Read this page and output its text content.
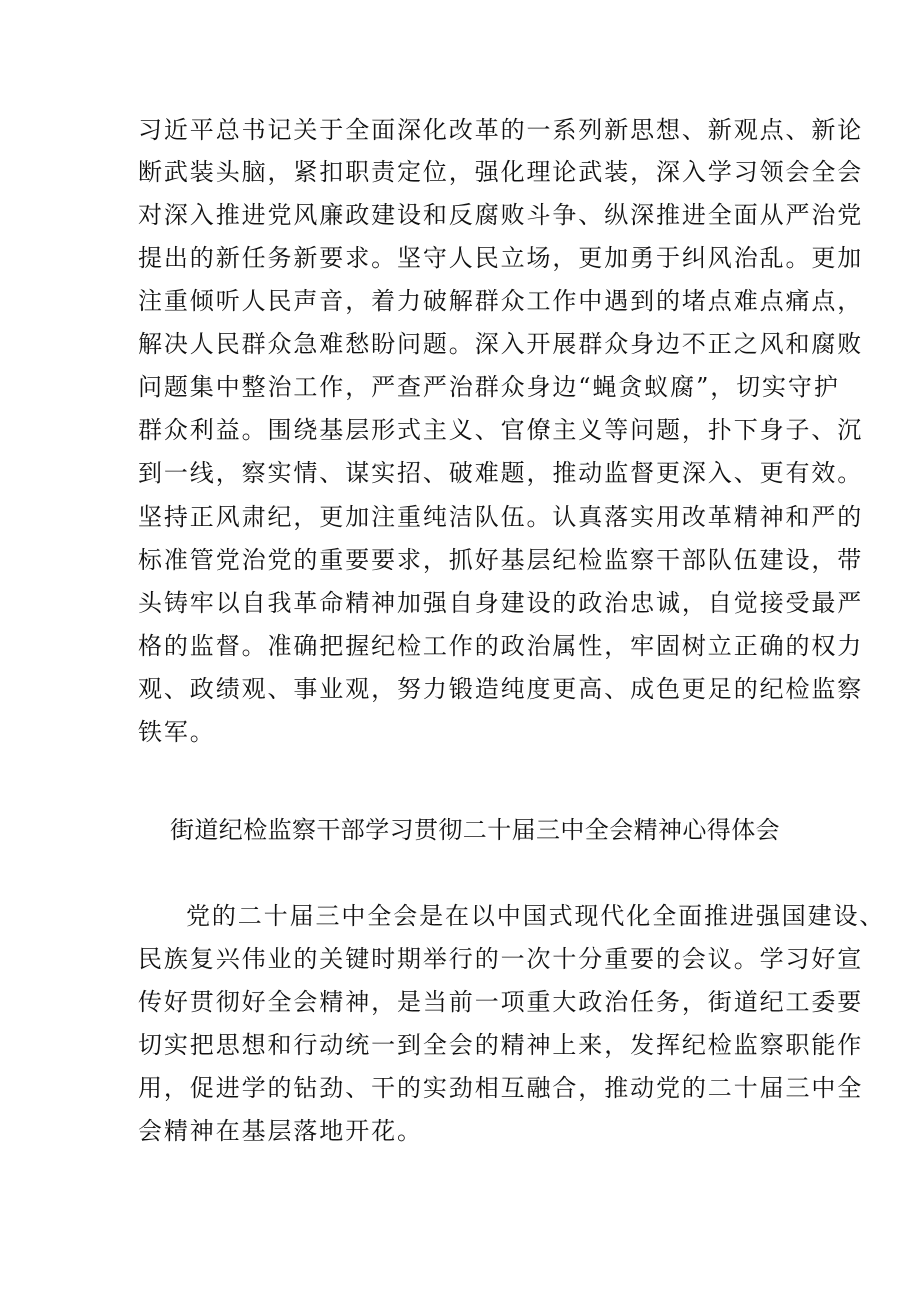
习近平总书记关于全面深化改革的一系列新思想、新观点、新论
断武装头脑，紧扣职责定位，强化理论武装，深入学习领会全会
对深入推进党风廉政建设和反腐败斗争、纵深推进全面从严治党
提出的新任务新要求。坚守人民立场，更加勇于纠风治乱。更加
注重倾听人民声音，着力破解群众工作中遇到的堵点难点痛点，
解决人民群众急难愁盼问题。深入开展群众身边不正之风和腐败
问题集中整治工作，严查严治群众身边“蝇贪蚁腐”，切实守护
群众利益。围绕基层形式主义、官僚主义等问题，扑下身子、沉
到一线，察实情、谋实招、破难题，推动监督更深入、更有效。
坚持正风肃纪，更加注重纯洁队伍。认真落实用改革精神和严的
标准管党治党的重要要求，抓好基层纪检监察干部队伍建设，带
头铸牢以自我革命精神加强自身建设的政治忠诚，自觉接受最严
格的监督。准确把握纪检工作的政治属性，牢固树立正确的权力
观、政绩观、事业观，努力锻造纯度更高、成色更足的纪检监察
铁军。
街道纪检监察干部学习贯彻二十届三中全会精神心得体会
党的二十届三中全会是在以中国式现代化全面推进强国建设、
民族复兴伟业的关键时期举行的一次十分重要的会议。学习好宣
传好贯彻好全会精神，是当前一项重大政治任务，街道纪工委要
切实把思想和行动统一到全会的精神上来，发挥纪检监察职能作
用，促进学的钻劲、干的实劲相互融合，推动党的二十届三中全
会精神在基层落地开花。
